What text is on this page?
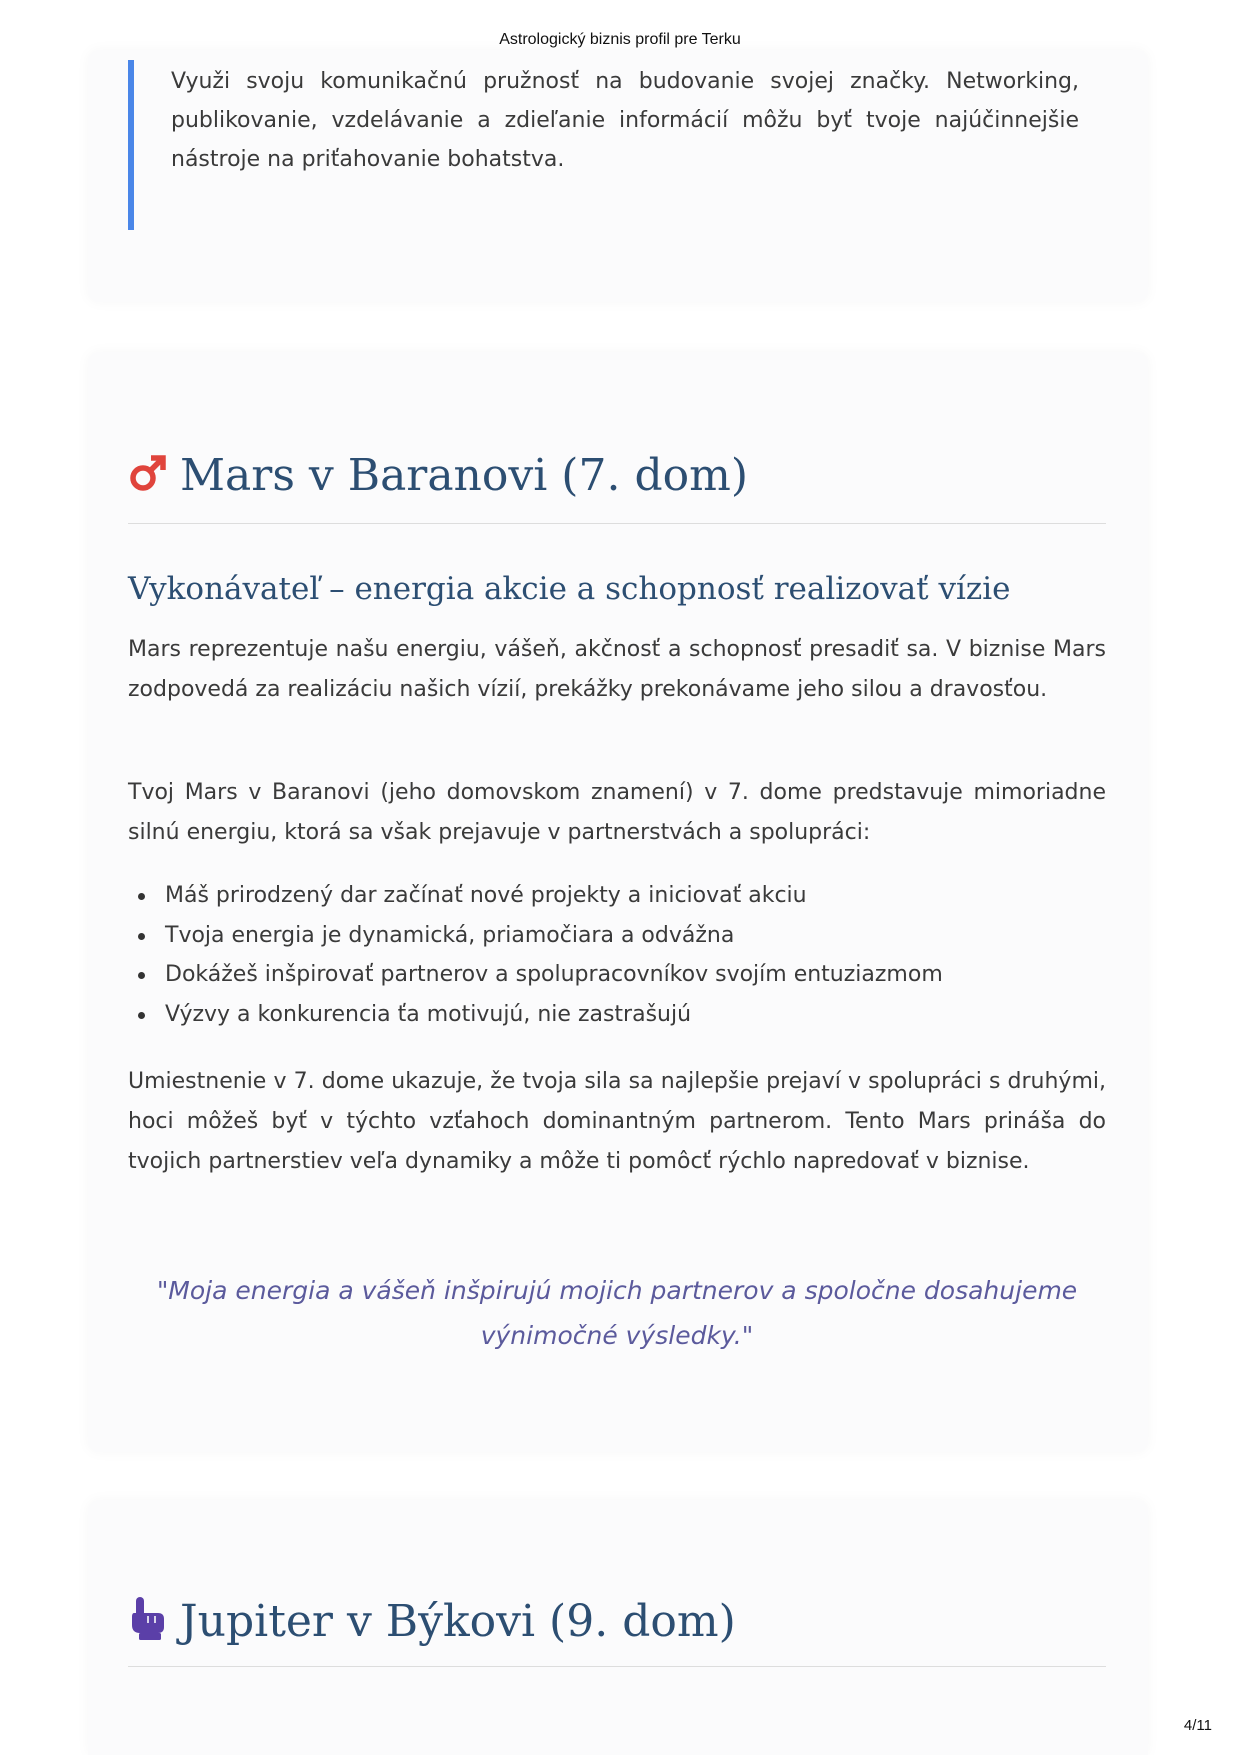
Astrologický biznis profil pre Terku

Využi svoju komunikačnú pružnosť na budovanie svojej značky. Networking, publikovanie, vzdelávanie a zdieľanie informácií môžu byť tvoje najúčinnejšie nástroje na priťahovanie bohatstva.

Mars v Baranovi (7. dom)
Vykonávateľ – energia akcie a schopnosť realizovať vízie

Mars reprezentuje našu energiu, vášeň, akčnosť a schopnosť presadiť sa. V biznise Mars zodpovedá za realizáciu našich vízií, prekážky prekonávame jeho silou a dravosťou.

Tvoj Mars v Baranovi (jeho domovskom znamení) v 7. dome predstavuje mimoriadne silnú energiu, ktorá sa však prejavuje v partnerstvách a spolupráci:

Máš prirodzený dar začínať nové projekty a iniciovať akciu
Tvoja energia je dynamická, priamočiara a odvážna
Dokážeš inšpirovať partnerov a spolupracovníkov svojím entuziazmom
Výzvy a konkurencia ťa motivujú, nie zastrašujú

Umiestnenie v 7. dome ukazuje, že tvoja sila sa najlepšie prejaví v spolupráci s druhými, hoci môžeš byť v týchto vzťahoch dominantným partnerom. Tento Mars prináša do tvojich partnerstiev veľa dynamiky a môže ti pomôcť rýchlo napredovať v biznise.

"Moja energia a vášeň inšpirujú mojich partnerov a spoločne dosahujeme výnimočné výsledky."

Jupiter v Býkovi (9. dom)
4/11
